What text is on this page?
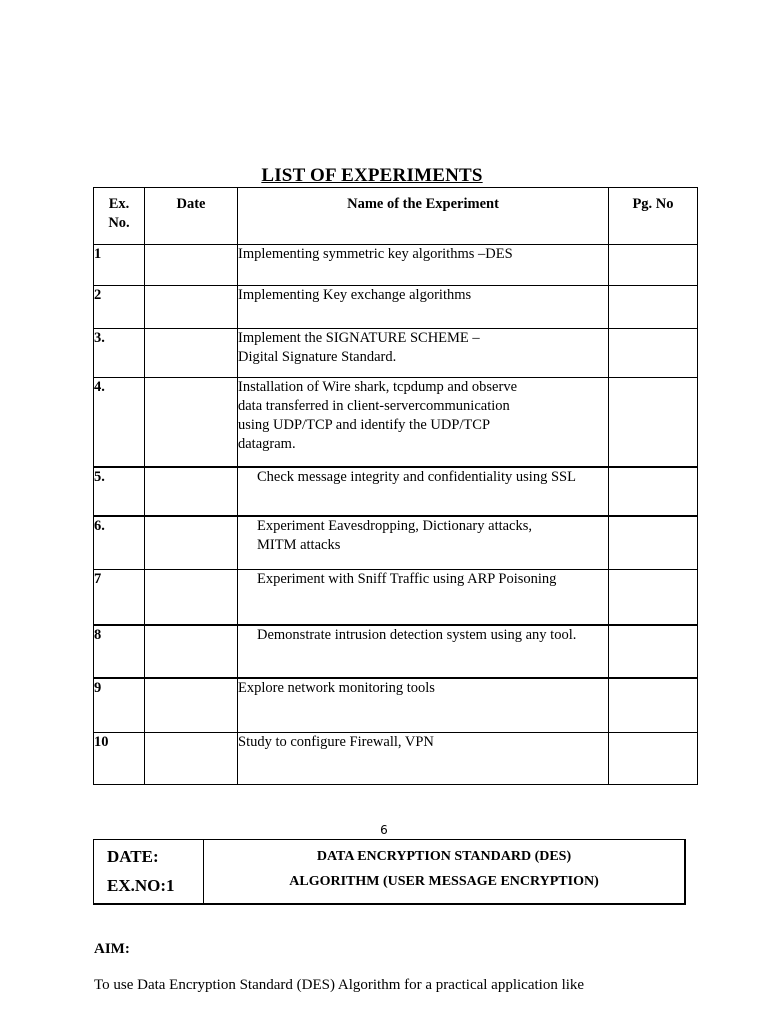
LIST OF EXPERIMENTS
Ex.
No.	Date	Name of the Experiment	Pg. No
1		Implementing symmetric key algorithms –DES	

2		Implementing Key exchange algorithms	

3.		Implement the SIGNATURE SCHEME –
Digital Signature Standard.	

4.		Installation of Wire shark, tcpdump and observe
data transferred in client-servercommunication
using UDP/TCP and identify the UDP/TCP
datagram.	

5.		Check message integrity and confidentiality using SSL	

6.		Experiment Eavesdropping, Dictionary attacks,
MITM attacks	

7		Experiment with Sniff Traffic using ARP Poisoning	

8		Demonstrate intrusion detection system using any tool.	

9		Explore network monitoring tools	

10		Study to configure Firewall, VPN	

6
DATE:
EX.NO:1
DATA ENCRYPTION STANDARD (DES)
ALGORITHM (USER MESSAGE ENCRYPTION)
AIM:
To use Data Encryption Standard (DES) Algorithm for a practical application like
